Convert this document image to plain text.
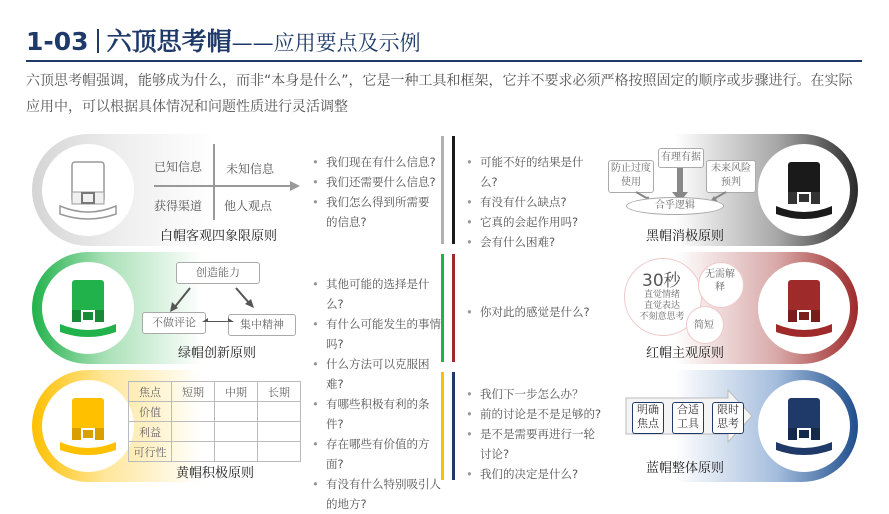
1-03 六顶思考帽——应用要点及示例
六顶思考帽强调，能够成为什么，而非“本身是什么”，它是一种工具和框架，它并不要求必须严格按照固定的顺序或步骤进行。在实际应用中，可以根据具体情况和问题性质进行灵活调整
已知信息 未知信息
获得渠道 他人观点
白帽客观四象限原则
• 我们现在有什么信息?
• 我们还需要什么信息?
• 我们怎么得到所需要的信息?
创造能力
不做评论	集中精神
绿帽创新原则
• 其他可能的选择是什么?
• 有什么可能发生的事情吗?
• 什么方法可以克服困难?
焦点	短期	中期	长期
价值			
利益			
可行性			
黄帽积极原则
• 有哪些积极有利的条件?
• 存在哪些有价值的方面?
• 有没有什么特别吸引人的地方?
• 可能不好的结果是什么?
• 有没有什么缺点?
• 它真的会起作用吗?
• 会有什么困难?
防止过度使用
有理有据
未来风险预判
合乎逻辑
黑帽消极原则
• 你对此的感觉是什么?
30秒
直觉情绪
直觉表达
不刻意思考
无需解释
简短
红帽主观原则
• 我们下一步怎么办？
• 前的讨论是不是足够的?
• 是不是需要再进行一轮讨论?
• 我们的决定是什么?
明确焦点
合适工具
限时思考
蓝帽整体原则
